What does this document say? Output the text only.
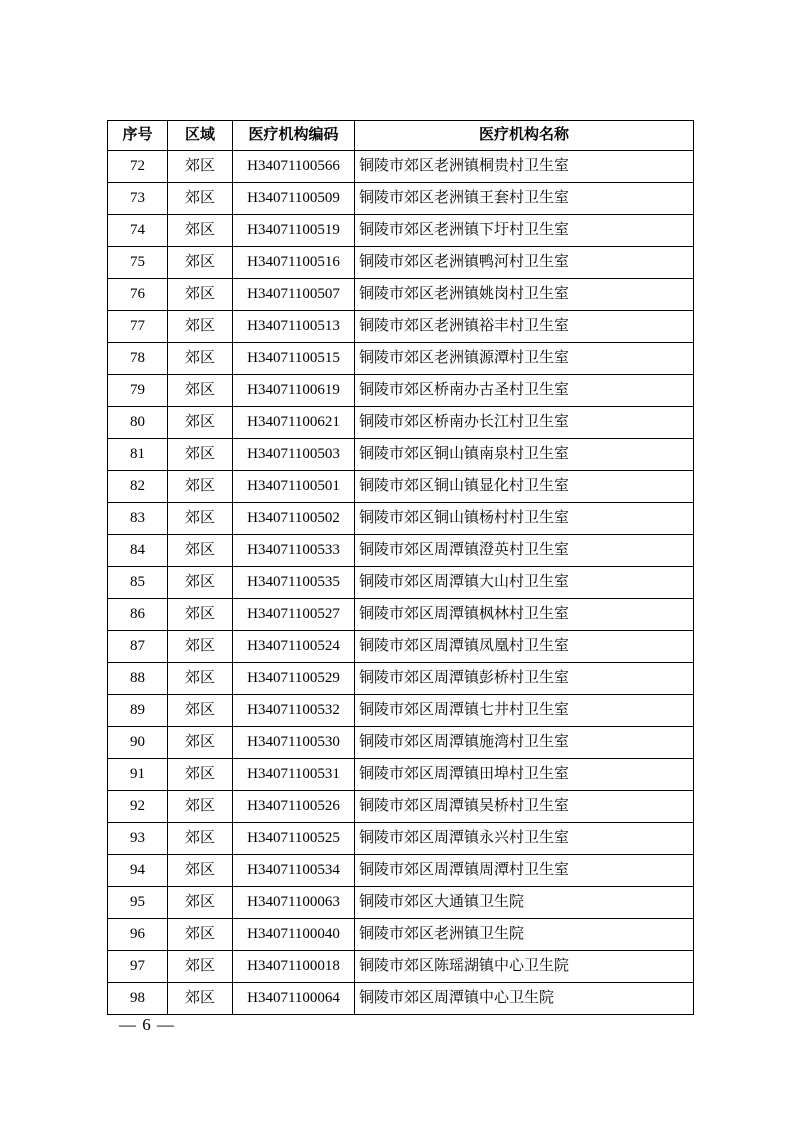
序号	区域	医疗机构编码	医疗机构名称
72	郊区	H34071100566	铜陵市郊区老洲镇桐贵村卫生室
73	郊区	H34071100509	铜陵市郊区老洲镇王套村卫生室
74	郊区	H34071100519	铜陵市郊区老洲镇下圩村卫生室
75	郊区	H34071100516	铜陵市郊区老洲镇鸭河村卫生室
76	郊区	H34071100507	铜陵市郊区老洲镇姚岗村卫生室
77	郊区	H34071100513	铜陵市郊区老洲镇裕丰村卫生室
78	郊区	H34071100515	铜陵市郊区老洲镇源潭村卫生室
79	郊区	H34071100619	铜陵市郊区桥南办古圣村卫生室
80	郊区	H34071100621	铜陵市郊区桥南办长江村卫生室
81	郊区	H34071100503	铜陵市郊区铜山镇南泉村卫生室
82	郊区	H34071100501	铜陵市郊区铜山镇显化村卫生室
83	郊区	H34071100502	铜陵市郊区铜山镇杨村村卫生室
84	郊区	H34071100533	铜陵市郊区周潭镇澄英村卫生室
85	郊区	H34071100535	铜陵市郊区周潭镇大山村卫生室
86	郊区	H34071100527	铜陵市郊区周潭镇枫林村卫生室
87	郊区	H34071100524	铜陵市郊区周潭镇凤凰村卫生室
88	郊区	H34071100529	铜陵市郊区周潭镇彭桥村卫生室
89	郊区	H34071100532	铜陵市郊区周潭镇七井村卫生室
90	郊区	H34071100530	铜陵市郊区周潭镇施湾村卫生室
91	郊区	H34071100531	铜陵市郊区周潭镇田埠村卫生室
92	郊区	H34071100526	铜陵市郊区周潭镇吴桥村卫生室
93	郊区	H34071100525	铜陵市郊区周潭镇永兴村卫生室
94	郊区	H34071100534	铜陵市郊区周潭镇周潭村卫生室
95	郊区	H34071100063	铜陵市郊区大通镇卫生院
96	郊区	H34071100040	铜陵市郊区老洲镇卫生院
97	郊区	H34071100018	铜陵市郊区陈瑶湖镇中心卫生院
98	郊区	H34071100064	铜陵市郊区周潭镇中心卫生院
— 6 —
